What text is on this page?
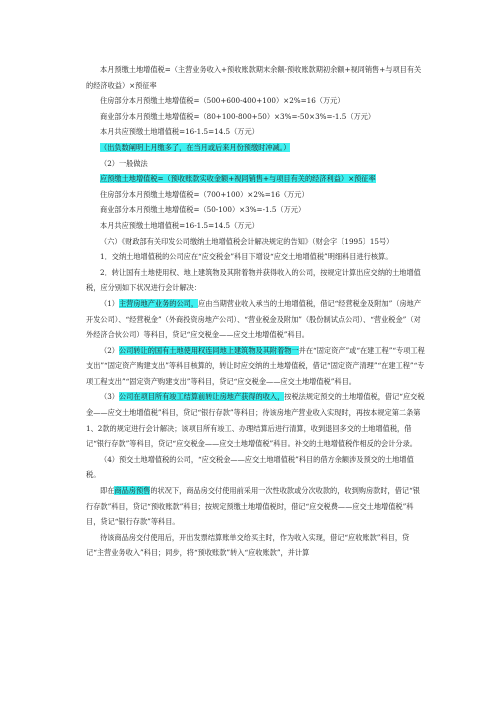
本月预缴土地增值税=（主营业务收入+预收账款期末余额-预收账款期初余额+视同销售+与项目有关的经济收益）×预征率

住房部分本月预缴土地增值税=（500+600-400+100）×2%=16（万元）

商业部分本月预缴土地增值税=（80+100-800+50）×3%=-50×3%=-1.5（万元）

本月共应预缴土地增值税=16-1.5=14.5（万元）

（出负数阐明上月缴多了，在当月或后来月份预缴时冲减。）

（2）一般做法

应预缴土地增值税=（预收账款实收金额+视同销售+与项目有关的经济利益）×预征率

住房部分本月预缴土地增值税=（700+100）×2%=16（万元）

商业部分本月预缴土地增值税=（50-100）×3%=-1.5（万元）

本月共应预缴土地增值税=16-1.5=14.5（万元）

（六）《财政部有关印发公司缴纳土地增值税会计解决规定的告知》（财会字〔1995〕15号）

1．交纳土地增值税的公司应在“应交税金”科目下增设“应交土地增值税”明细科目进行核算。

2．转让国有土地使用权、地上建筑物及其附着物并获得收入的公司，按规定计算出应交纳的土地增值税，应分别如下状况进行会计解决：

（1）主营房地产业务的公司，应由当期营业收入承当的土地增值税，借记“经营税金及附加”（房地产开发公司）、“经营税金”（外商投资房地产公司）、“营业税金及附加”（股份制试点公司）、“营业税金”（对外经济合伙公司）等科目，贷记“应交税金——应交土地增值税”科目。

（2）公司转让的国有土地使用权连同地上建筑物及其附着物一并在“固定资产”或“在建工程”“专项工程支出”“固定资产购建支出”等科目核算的，转让时应交纳的土地增值税，借记“固定资产清理”“在建工程”“专项工程支出”“固定资产购建支出”等科目，贷记“应交税金——应交土地增值税”科目。

（3）公司在项目所有竣工结算前转让房地产获得的收入，按税法规定预交的土地增值税，借记“应交税金——应交土地增值税”科目，贷记“银行存款”等科目；待该房地产营业收入实现时，再按本规定第二条第1、2款的规定进行会计解决；该项目所有竣工、办理结算后进行清算，收到退回多交的土地增值税，借记“银行存款”等科目，贷记“应交税金——应交土地增值税”科目。补交的土地增值税作相反的会计分录。

（4）预交土地增值税的公司，“应交税金——应交土地增值税”科目的借方余额涉及预交的土地增值税。

即在商品房预售的状况下，商品房交付使用前采用一次性收款或分次收款的，收到购房款时，借记“银行存款”科目，贷记“预收账款”科目；按规定预缴土地增值税时，借记“应交税费——应交土地增值税”科目，贷记“银行存款”等科目。

待该商品房交付使用后，开出发票结算账单交给买主时，作为收入实现，借记“应收账款”科目，贷记“主营业务收入”科目；同步，将“预收账款”转入“应收账款”，并计算
